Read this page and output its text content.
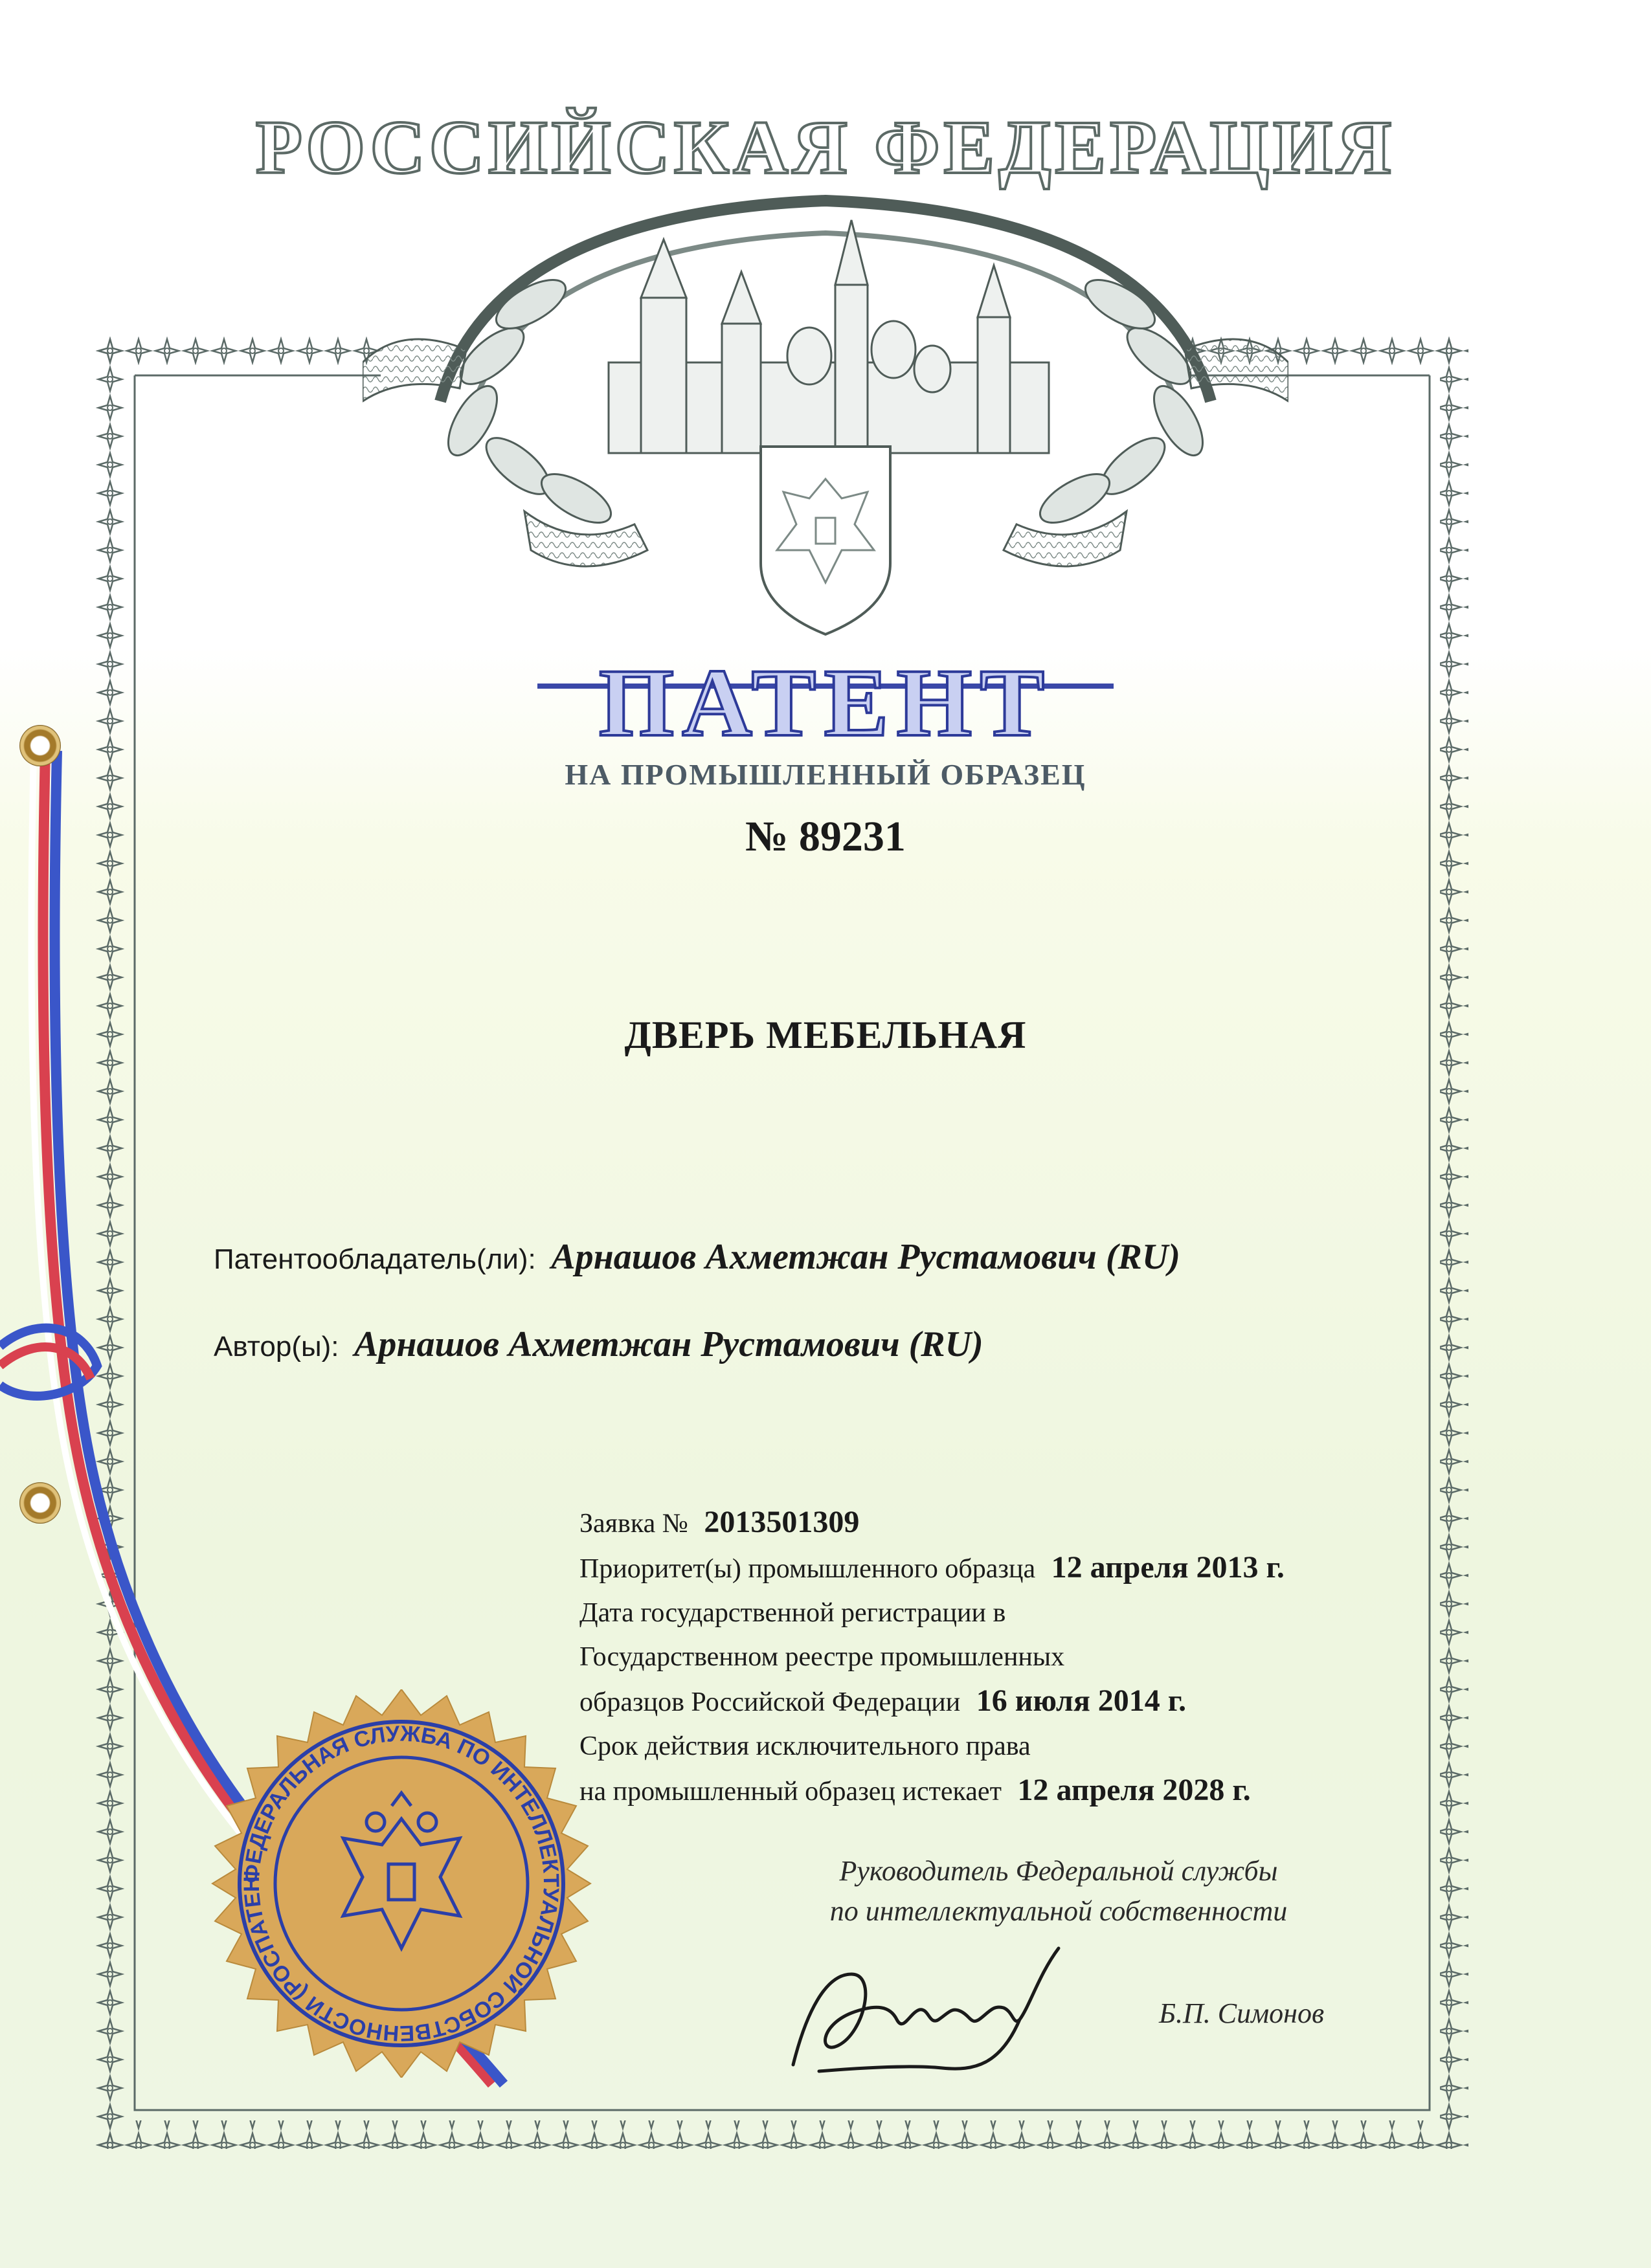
РОССИЙСКАЯ ФЕДЕРАЦИЯ
ПАТЕНТ
НА ПРОМЫШЛЕННЫЙ ОБРАЗЕЦ
№ 89231
ДВЕРЬ МЕБЕЛЬНАЯ
Патентообладатель(ли): Арнашов Ахметжан Рустамович (RU)
Автор(ы): Арнашов Ахметжан Рустамович (RU)
Заявка № 2013501309
Приоритет(ы) промышленного образца 12 апреля 2013 г.
Дата государственной регистрации в
Государственном реестре промышленных
образцов Российской Федерации 16 июля 2014 г.
Срок действия исключительного права
на промышленный образец истекает 12 апреля 2028 г.
Руководитель Федеральной службы
по интеллектуальной собственности
Б.П. Симонов
ФЕДЕРАЛЬНАЯ СЛУЖБА ПО ИНТЕЛЛЕКТУАЛЬНОЙ СОБСТВЕННОСТИ (РОСПАТЕН
